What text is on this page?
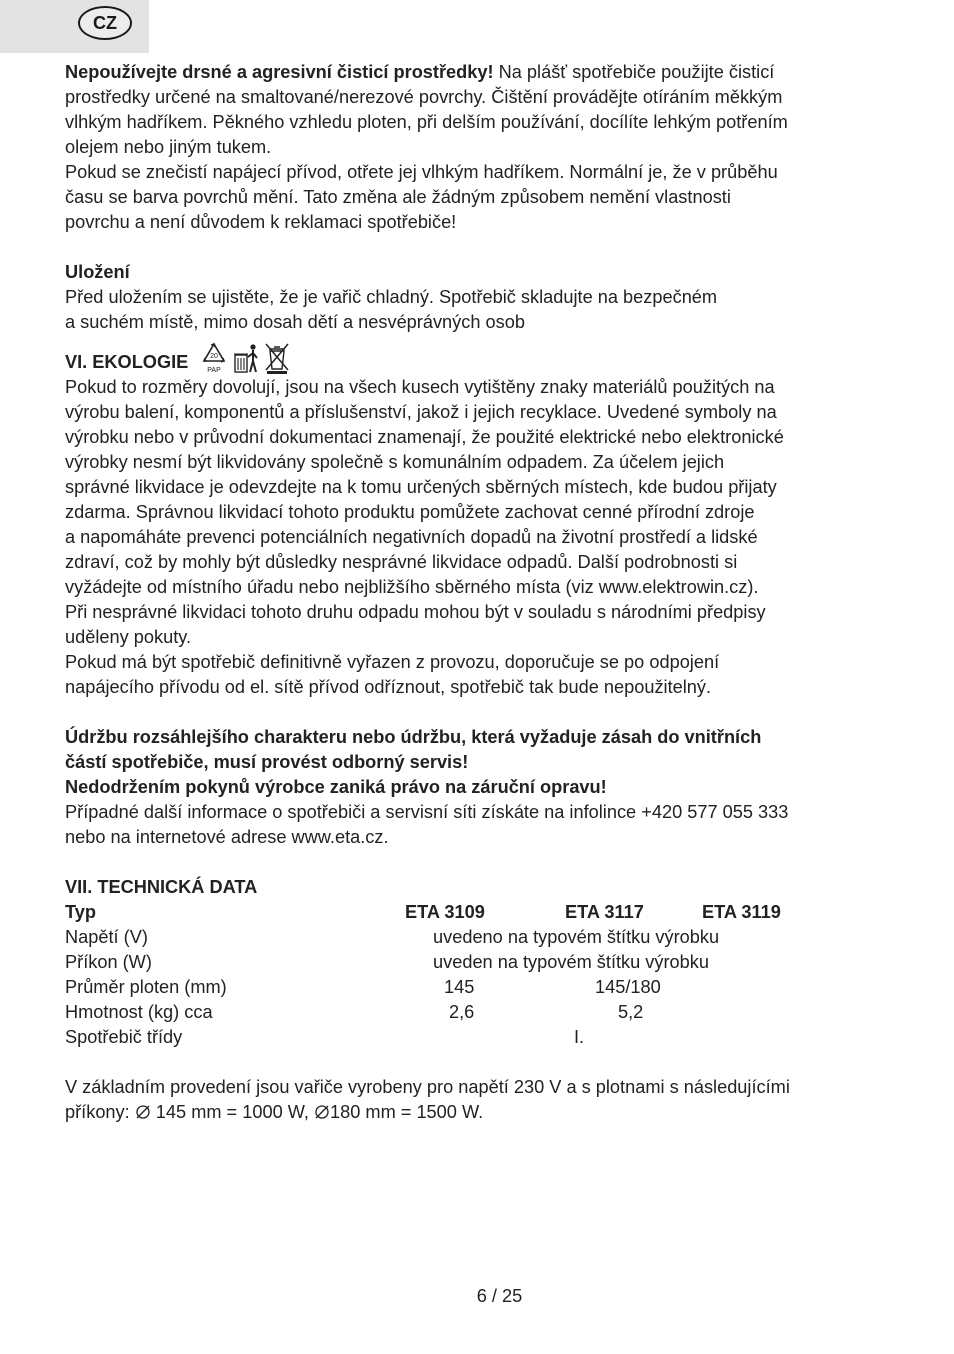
CZ

Nepoužívejte drsné a agresivní čisticí prostředky! Na plášť spotřebiče použijte čisticí

prostředky určené na smaltované/nerezové povrchy. Čištění provádějte otíráním měkkým

vlhkým hadříkem. Pěkného vzhledu ploten, při delším používání, docílíte lehkým potřením

olejem nebo jiným tukem.

Pokud se znečistí napájecí přívod, otřete jej vlhkým hadříkem. Normální je, že v průběhu

času se barva povrchů mění. Tato změna ale žádným způsobem nemění vlastnosti

povrchu a není důvodem k reklamaci spotřebiče!

Uložení

Před uložením se ujistěte, že je vařič chladný. Spotřebič skladujte na bezpečném

a suchém místě, mimo dosah dětí a nesvéprávných osob

VI. EKOLOGIE	20
PAP

Pokud to rozměry dovolují, jsou na všech kusech vytištěny znaky materiálů použitých na

výrobu balení, komponentů a příslušenství, jakož i jejich recyklace. Uvedené symboly na

výrobku nebo v průvodní dokumentaci znamenají, že použité elektrické nebo elektronické

výrobky nesmí být likvidovány společně s komunálním odpadem. Za účelem jejich

správné likvidace je odevzdejte na k tomu určených sběrných místech, kde budou přijaty

zdarma. Správnou likvidací tohoto produktu pomůžete zachovat cenné přírodní zdroje

a napomáháte prevenci potenciálních negativních dopadů na životní prostředí a lidské

zdraví, což by mohly být důsledky nesprávné likvidace odpadů. Další podrobnosti si

vyžádejte od místního úřadu nebo nejbližšího sběrného místa (viz www.elektrowin.cz).

Při nesprávné likvidaci tohoto druhu odpadu mohou být v souladu s národními předpisy

uděleny pokuty.

Pokud má být spotřebič definitivně vyřazen z provozu, doporučuje se po odpojení

napájecího přívodu od el. sítě přívod odříznout, spotřebič tak bude nepoužitelný.

Údržbu rozsáhlejšího charakteru nebo údržbu, která vyžaduje zásah do vnitřních

částí spotřebiče, musí provést odborný servis!

Nedodržením pokynů výrobce zaniká právo na záruční opravu!

Případné další informace o spotřebiči a servisní síti získáte na infolince +420 577 055 333

nebo na internetové adrese www.eta.cz.

VII. TECHNICKÁ DATA

Typ	ETA 3109	ETA 3117	ETA 3119
Napětí (V)	uvedeno na typovém štítku výrobku
Příkon (W)	uveden na typovém štítku výrobku
Průměr ploten (mm)	145	145/180
Hmotnost (kg) cca	2,6	5,2
Spotřebič třídy	I.

V základním provedení jsou vařiče vyrobeny pro napětí 230 V a s plotnami s následujícími

příkony:  145 mm = 1000 W, 180 mm = 1500 W.

6 / 25
